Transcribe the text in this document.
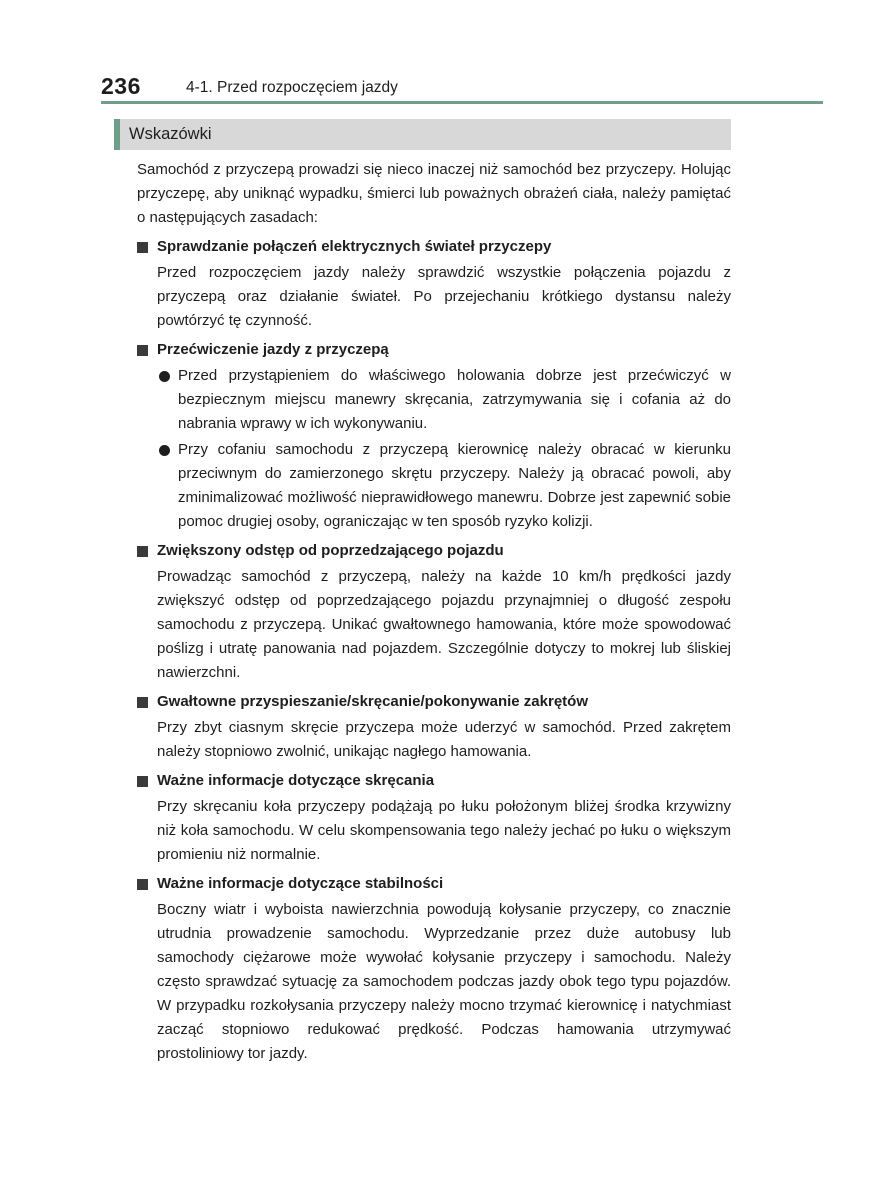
236	4-1. Przed rozpoczęciem jazdy
Wskazówki

Samochód z przyczepą prowadzi się nieco inaczej niż samochód bez przyczepy. Holując przyczepę, aby uniknąć wypadku, śmierci lub poważnych obrażeń ciała, należy pamiętać o następujących zasadach:

Sprawdzanie połączeń elektrycznych świateł przyczepy

Przed rozpoczęciem jazdy należy sprawdzić wszystkie połączenia pojazdu z przyczepą oraz działanie świateł. Po przejechaniu krótkiego dystansu należy powtórzyć tę czynność.

Przećwiczenie jazdy z przyczepą
Przed przystąpieniem do właściwego holowania dobrze jest przećwiczyć w bezpiecznym miejscu manewry skręcania, zatrzymywania się i cofania aż do nabrania wprawy w ich wykonywaniu.
Przy cofaniu samochodu z przyczepą kierownicę należy obracać w kierunku przeciwnym do zamierzonego skrętu przyczepy. Należy ją obracać powoli, aby zminimalizować możliwość nieprawidłowego manewru. Dobrze jest zapewnić sobie pomoc drugiej osoby, ograniczając w ten sposób ryzyko kolizji.
Zwiększony odstęp od poprzedzającego pojazdu

Prowadząc samochód z przyczepą, należy na każde 10 km/h prędkości jazdy zwiększyć odstęp od poprzedzającego pojazdu przynajmniej o długość zespołu samochodu z przyczepą. Unikać gwałtownego hamowania, które może spowodować poślizg i utratę panowania nad pojazdem. Szczególnie dotyczy to mokrej lub śliskiej nawierzchni.

Gwałtowne przyspieszanie/skręcanie/pokonywanie zakrętów

Przy zbyt ciasnym skręcie przyczepa może uderzyć w samochód. Przed zakrętem należy stopniowo zwolnić, unikając nagłego hamowania.

Ważne informacje dotyczące skręcania

Przy skręcaniu koła przyczepy podążają po łuku położonym bliżej środka krzywizny niż koła samochodu. W celu skompensowania tego należy jechać po łuku o większym promieniu niż normalnie.

Ważne informacje dotyczące stabilności

Boczny wiatr i wyboista nawierzchnia powodują kołysanie przyczepy, co znacznie utrudnia prowadzenie samochodu. Wyprzedzanie przez duże autobusy lub samochody ciężarowe może wywołać kołysanie przyczepy i samochodu. Należy często sprawdzać sytuację za samochodem podczas jazdy obok tego typu pojazdów. W przypadku rozkołysania przyczepy należy mocno trzymać kierownicę i natychmiast zacząć stopniowo redukować prędkość. Podczas hamowania utrzymywać prostoliniowy tor jazdy.
